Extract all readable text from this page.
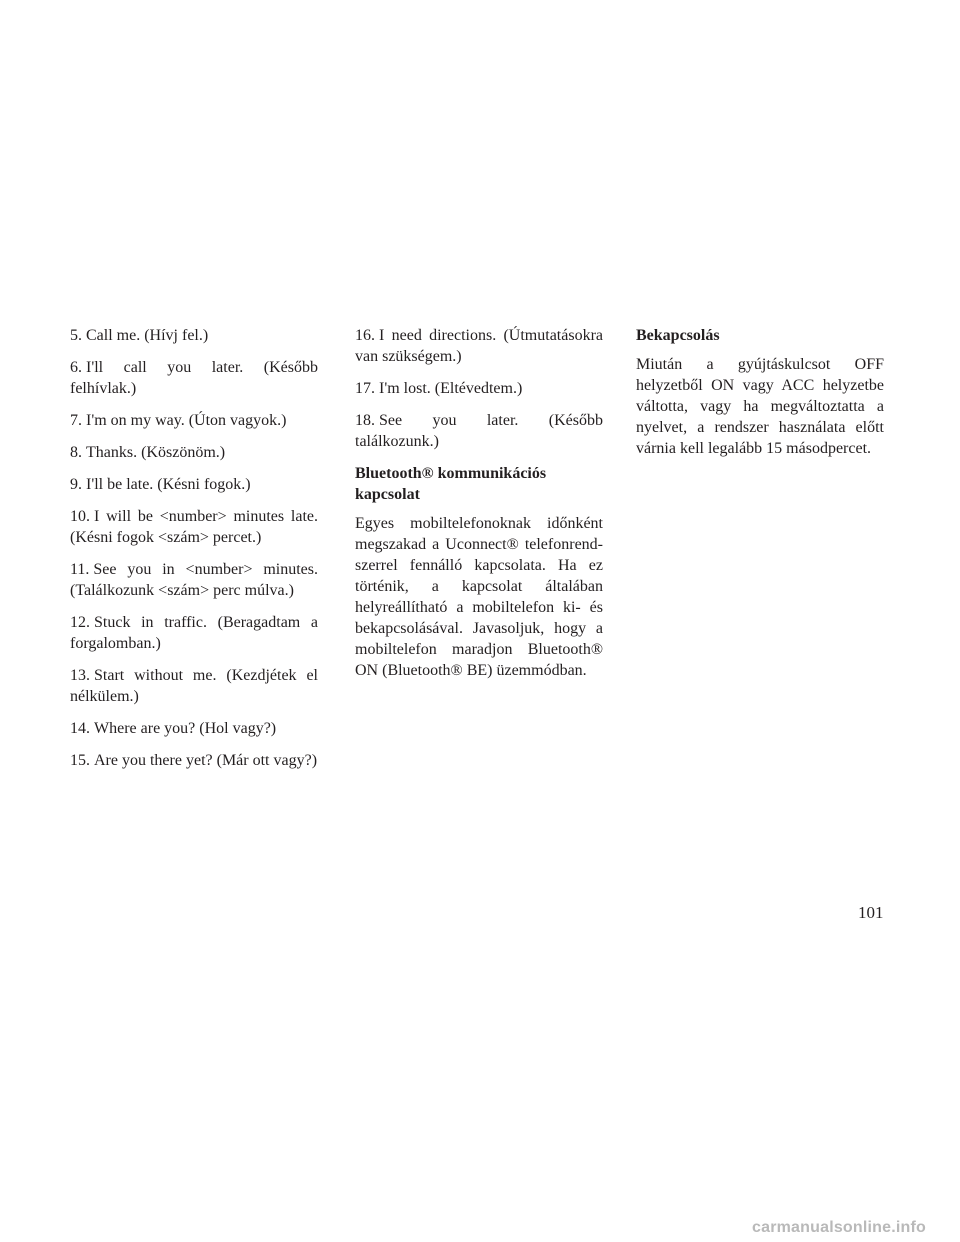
5. Call me. (Hívj fel.)

6. I'll call you later. (Később felhívlak.)

7. I'm on my way. (Úton vagyok.)

8. Thanks. (Köszönöm.)

9. I'll be late. (Késni fogok.)

10. I will be <number> minutes late. (Késni fogok <szám> percet.)

11. See you in <number> minutes. (Találkozunk <szám> perc múlva.)

12. Stuck in traffic. (Beragadtam a forgalomban.)

13. Start without me. (Kezdjétek el nélkülem.)

14. Where are you? (Hol vagy?)

15. Are you there yet? (Már ott vagy?)

16. I need directions. (Útmutatásokra van szükségem.)

17. I'm lost. (Eltévedtem.)

18. See you later. (Később találkozunk.)

Bluetooth® kommunikációs kapcsolat

Egyes mobiltelefonoknak időnként megszakad a Uconnect® telefonrendszerrel fennálló kapcsolata. Ha ez történik, a kapcsolat általában helyreállítható a mobiltelefon ki- és bekapcsolásával. Javasoljuk, hogy a mobiltelefon maradjon Bluetooth® ON (Bluetooth® BE) üzemmódban.

Bekapcsolás

Miután a gyújtáskulcsot OFF helyzetből ON vagy ACC helyzetbe váltotta, vagy ha megváltoztatta a nyelvet, a rendszer használata előtt várnia kell legalább 15 másodpercet.

101
carmanualsonline.info
